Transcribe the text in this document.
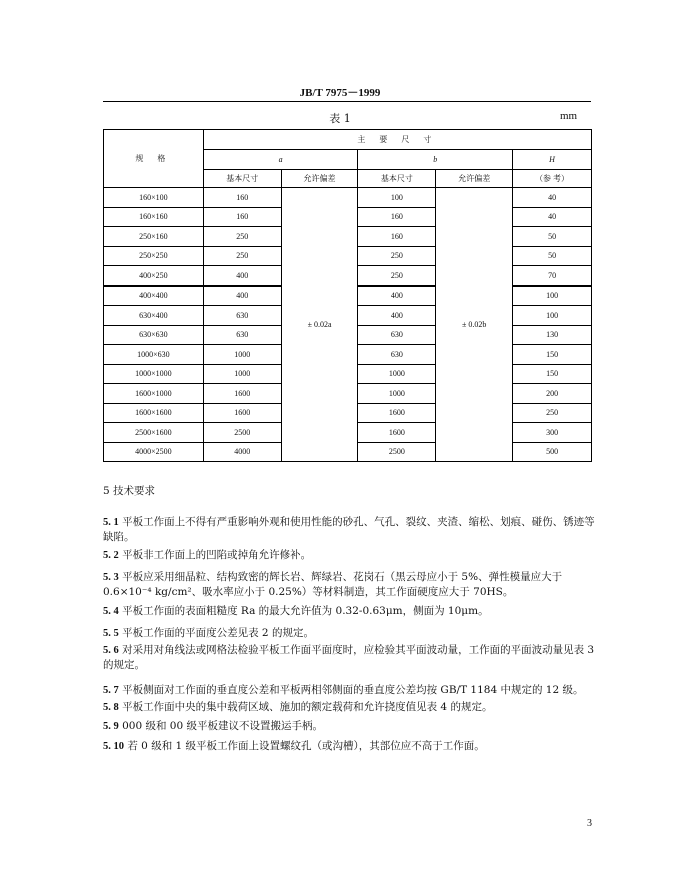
JB/T 7975－1999
表 1	mm
规 格	主 要 尺 寸				
	a		b		H
	基本尺寸	允许偏差	基本尺寸	允许偏差	（参 考）
160×100	160	± 0.02a	100	± 0.02b	40
160×160	160		160		40
250×160	250		160		50
250×250	250		250		50
400×250	400		250		70
400×400	400		400		100
630×400	630		400		100
630×630	630		630		130
1000×630	1000		630		150
1000×1000	1000		1000		150
1600×1000	1600		1000		200
1600×1600	1600		1600		250
2500×1600	2500		1600		300
4000×2500	4000		2500		500
5 技术要求
5. 1 平板工作面上不得有严重影响外观和使用性能的砂孔、气孔、裂纹、夹渣、缩松、划痕、碰伤、锈迹等缺陷。
5. 2 平板非工作面上的凹陷或掉角允许修补。
5. 3 平板应采用细晶粒、结构致密的辉长岩、辉绿岩、花岗石（黑云母应小于 5%、弹性模量应大于 0.6×10⁻⁴ kg/cm²、吸水率应小于 0.25%）等材料制造，其工作面硬度应大于 70HS。
5. 4 平板工作面的表面粗糙度 Ra 的最大允许值为 0.32-0.63μm，侧面为 10μm。
5. 5 平板工作面的平面度公差见表 2 的规定。
5. 6 对采用对角线法或网格法检验平板工作面平面度时，应检验其平面波动量，工作面的平面波动量见表 3 的规定。
5. 7 平板侧面对工作面的垂直度公差和平板两相邻侧面的垂直度公差均按 GB/T 1184 中规定的 12 级。
5. 8 平板工作面中央的集中载荷区域、施加的额定载荷和允许挠度值见表 4 的规定。
5. 9 000 级和 00 级平板建议不设置搬运手柄。
5. 10 若 0 级和 1 级平板工作面上设置螺纹孔（或沟槽），其部位应不高于工作面。
3
